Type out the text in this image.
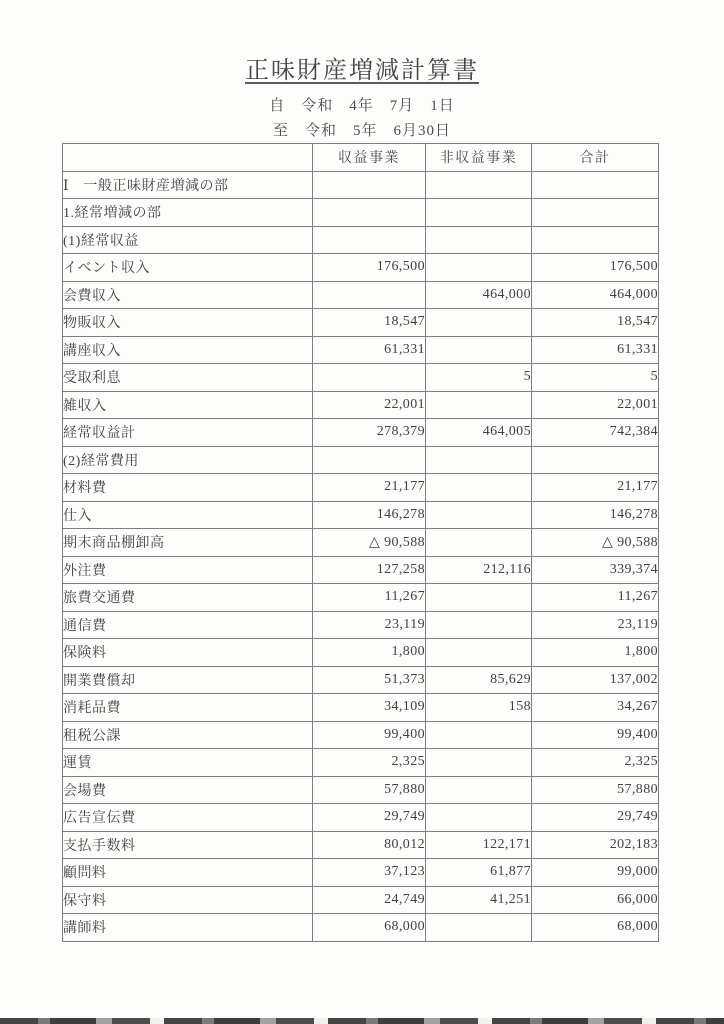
正味財産増減計算書
自　令和　4年　7月　1日
至　令和　5年　6月30日
	収益事業	非収益事業	合計
Ⅰ　一般正味財産増減の部			
1.経常増減の部			
(1)経常収益			
イベント収入	176,500		176,500
会費収入		464,000	464,000
物販収入	18,547		18,547
講座収入	61,331		61,331
受取利息		5	5
雑収入	22,001		22,001
経常収益計	278,379	464,005	742,384
(2)経常費用			
材料費	21,177		21,177
仕入	146,278		146,278
期末商品棚卸高	△ 90,588		△ 90,588
外注費	127,258	212,116	339,374
旅費交通費	11,267		11,267
通信費	23,119		23,119
保険料	1,800		1,800
開業費償却	51,373	85,629	137,002
消耗品費	34,109	158	34,267
租税公課	99,400		99,400
運賃	2,325		2,325
会場費	57,880		57,880
広告宣伝費	29,749		29,749
支払手数料	80,012	122,171	202,183
顧問料	37,123	61,877	99,000
保守料	24,749	41,251	66,000
講師料	68,000		68,000
